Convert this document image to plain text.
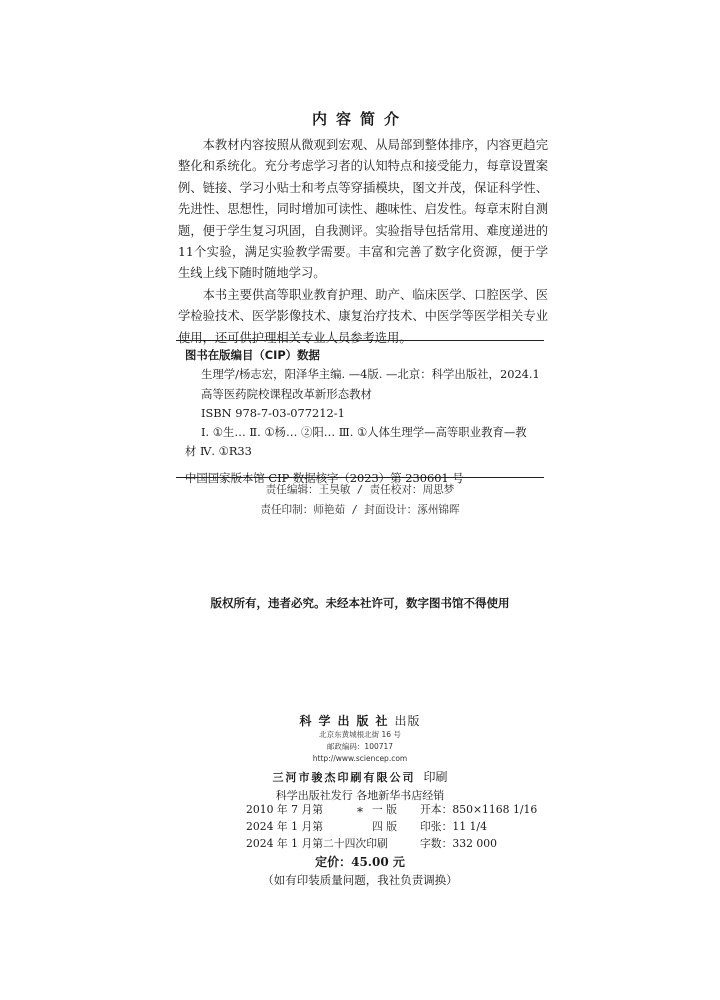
内容简介

本教材内容按照从微观到宏观、从局部到整体排序，内容更趋完整化和系统化。充分考虑学习者的认知特点和接受能力，每章设置案例、链接、学习小贴士和考点等穿插模块，图文并茂，保证科学性、先进性、思想性，同时增加可读性、趣味性、启发性。每章末附自测题，便于学生复习巩固，自我测评。实验指导包括常用、难度递进的11个实验，满足实验教学需要。丰富和完善了数字化资源，便于学生线上线下随时随地学习。

本书主要供高等职业教育护理、助产、临床医学、口腔医学、医学检验技术、医学影像技术、康复治疗技术、中医学等医学相关专业使用，还可供护理相关专业人员参考选用。

图书在版编目（CIP）数据
生理学/杨志宏，阳泽华主编. —4版. —北京：科学出版社，2024.1
高等医药院校课程改革新形态教材
ISBN 978-7-03-077212-1
Ⅰ. ①生… Ⅱ. ①杨… ②阳… Ⅲ. ①人体生理学—高等职业教育—教
材 Ⅳ. ①R33
中国国家版本馆 CIP 数据核字（2023）第 230601 号
责任编辑：王昊敏 / 责任校对：周思梦
责任印制：师艳茹 / 封面设计：涿州锦晖
版权所有，违者必究。未经本社许可，数字图书馆不得使用
科学出版社出版
北京东黄城根北街 16 号
邮政编码：100717
http://www.sciencep.com
三河市骏杰印刷有限公司 印刷
科学出版社发行 各地新华书店经销
*
2010 年 7 月第	一 版 开本：850×1168 1/16
2024 年 1 月第	四 版 印张：11 1/4
2024 年 1 月第二十四次印刷	字数：332 000
定价：45.00 元
（如有印装质量问题，我社负责调换）
